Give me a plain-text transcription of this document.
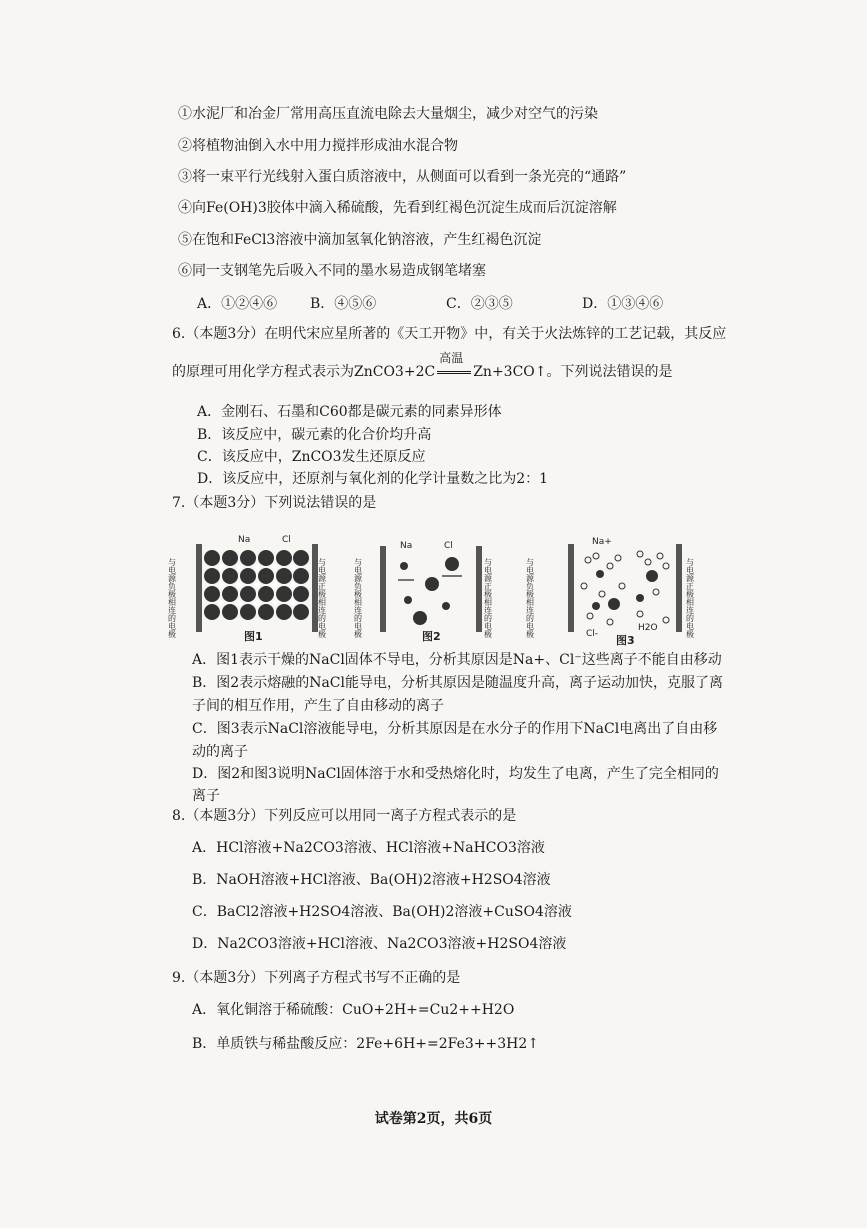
①水泥厂和冶金厂常用高压直流电除去大量烟尘，减少对空气的污染
②将植物油倒入水中用力搅拌形成油水混合物
③将一束平行光线射入蛋白质溶液中，从侧面可以看到一条光亮的“通路”
④向Fe(OH)3胶体中滴入稀硫酸，先看到红褐色沉淀生成而后沉淀溶解
⑤在饱和FeCl3溶液中滴加氢氧化钠溶液，产生红褐色沉淀
⑥同一支钢笔先后吸入不同的墨水易造成钢笔堵塞
A．①②④⑥ B．④⑤⑥	C．②③⑤	D．①③④⑥
6.（本题3分）在明代宋应星所著的《天工开物》中，有关于火法炼锌的工艺记载，其反应
的原理可用化学方程式表示为ZnCO3+2C
高温
Zn+3CO↑。下列说法错误的是
A．金刚石、石墨和C60都是碳元素的同素异形体
B．该反应中，碳元素的化合价均升高
C．该反应中，ZnCO3发生还原反应
D．该反应中，还原剂与氧化剂的化学计量数之比为2：1
7.（本题3分）下列说法错误的是
与电源负极相连的电极
Na	Cl
与电源正极相连的电极
图1	与电源负极相连的电极
Na	Cl
与电源正极相连的电极
图2	与电源负极相连的电极
Na+
Cl-
H2O	与电源正极相连的电极
图3
A．图1表示干燥的NaCl固体不导电，分析其原因是Na+、Cl⁻这些离子不能自由移动
B．图2表示熔融的NaCl能导电，分析其原因是随温度升高，离子运动加快，克服了离
子间的相互作用，产生了自由移动的离子
C．图3表示NaCl溶液能导电，分析其原因是在水分子的作用下NaCl电离出了自由移
动的离子
D．图2和图3说明NaCl固体溶于水和受热熔化时，均发生了电离，产生了完全相同的
离子
8.（本题3分）下列反应可以用同一离子方程式表示的是
A．HCl溶液+Na2CO3溶液、HCl溶液+NaHCO3溶液
B．NaOH溶液+HCl溶液、Ba(OH)2溶液+H2SO4溶液
C．BaCl2溶液+H2SO4溶液、Ba(OH)2溶液+CuSO4溶液
D．Na2CO3溶液+HCl溶液、Na2CO3溶液+H2SO4溶液
9.（本题3分）下列离子方程式书写不正确的是
A．氧化铜溶于稀硫酸：CuO+2H+=Cu2++H2O
B．单质铁与稀盐酸反应：2Fe+6H+=2Fe3++3H2↑
试卷第2页，共6页
